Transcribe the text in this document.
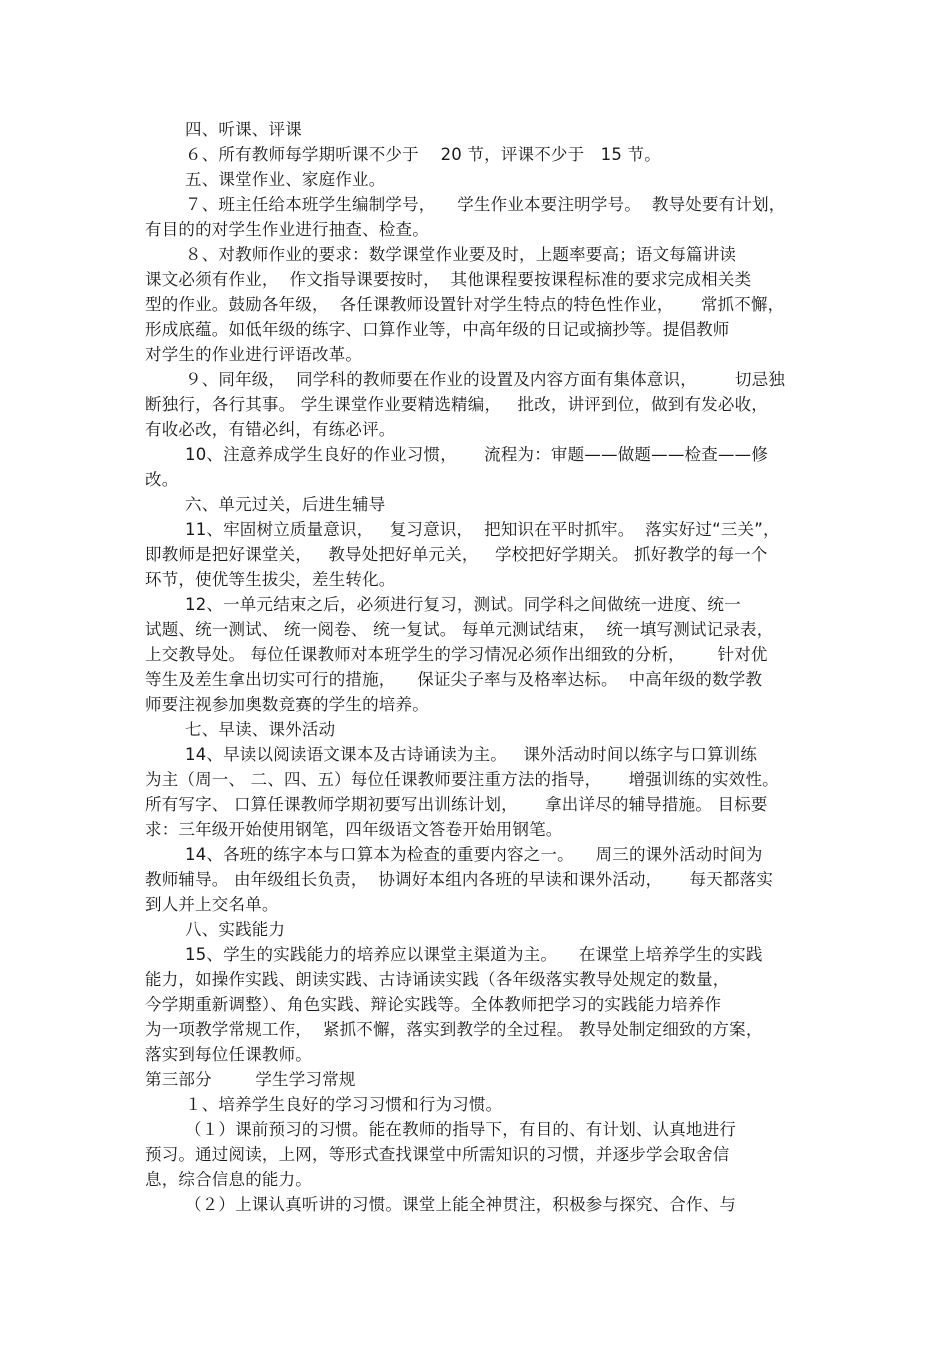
四、听课、评课
６、所有教师每学期听课不少于    20 节，评课不少于   15 节。
五、课堂作业、家庭作业。
７、班主任给本班学生编制学号，    学生作业本要注明学号。  教导处要有计划，
有目的的对学生作业进行抽查、检查。
８、对教师作业的要求：数学课堂作业要及时，上题率要高；语文每篇讲读
课文必须有作业，  作文指导课要按时，  其他课程要按课程标准的要求完成相关类
型的作业。鼓励各年级，  各任课教师设置针对学生特点的特色性作业，     常抓不懈，
形成底蕴。如低年级的练字、口算作业等，中高年级的日记或摘抄等。提倡教师
对学生的作业进行评语改革。
９、同年级，  同学科的教师要在作业的设置及内容方面有集体意识，       切忌独
断独行，各行其事。 学生课堂作业要精选精编，   批改，讲评到位，做到有发必收，
有收必改，有错必纠，有练必评。
10、注意养成学生良好的作业习惯，     流程为：审题——做题——检查——修
改。
六、单元过关，后进生辅导
11、牢固树立质量意识，   复习意识，  把知识在平时抓牢。  落实好过“三关”，
即教师是把好课堂关，   教导处把好单元关，   学校把好学期关。 抓好教学的每一个
环节，使优等生拔尖，差生转化。
12、一单元结束之后，必须进行复习，测试。同学科之间做统一进度、统一
试题、统一测试、 统一阅卷、 统一复试。 每单元测试结束，  统一填写测试记录表，
上交教导处。 每位任课教师对本班学生的学习情况必须作出细致的分析，      针对优
等生及差生拿出切实可行的措施，    保证尖子率与及格率达标。  中高年级的数学教
师要注视参加奥数竞赛的学生的培养。
七、早读、课外活动
14、早读以阅读语文课本及古诗诵读为主。   课外活动时间以练字与口算训练
为主（周一、 二、四、五）每位任课教师要注重方法的指导，     增强训练的实效性。
所有写字、 口算任课教师学期初要写出训练计划，     拿出详尽的辅导措施。 目标要
求：三年级开始使用钢笔，四年级语文答卷开始用钢笔。
14、各班的练字本与口算本为检查的重要内容之一。    周三的课外活动时间为
教师辅导。 由年级组长负责，  协调好本组内各班的早读和课外活动，     每天都落实
到人并上交名单。
八、实践能力
15、学生的实践能力的培养应以课堂主渠道为主。    在课堂上培养学生的实践
能力，如操作实践、朗读实践、古诗诵读实践（各年级落实教导处规定的数量，
今学期重新调整）、角色实践、辩论实践等。全体教师把学习的实践能力培养作
为一项教学常规工作，  紧抓不懈，落实到教学的全过程。 教导处制定细致的方案，
落实到每位任课教师。
第三部分        学生学习常规
１、培养学生良好的学习习惯和行为习惯。
（１）课前预习的习惯。能在教师的指导下，有目的、有计划、认真地进行
预习。通过阅读，上网，等形式查找课堂中所需知识的习惯，并逐步学会取舍信
息，综合信息的能力。
（２）上课认真听讲的习惯。课堂上能全神贯注，积极参与探究、合作、与
